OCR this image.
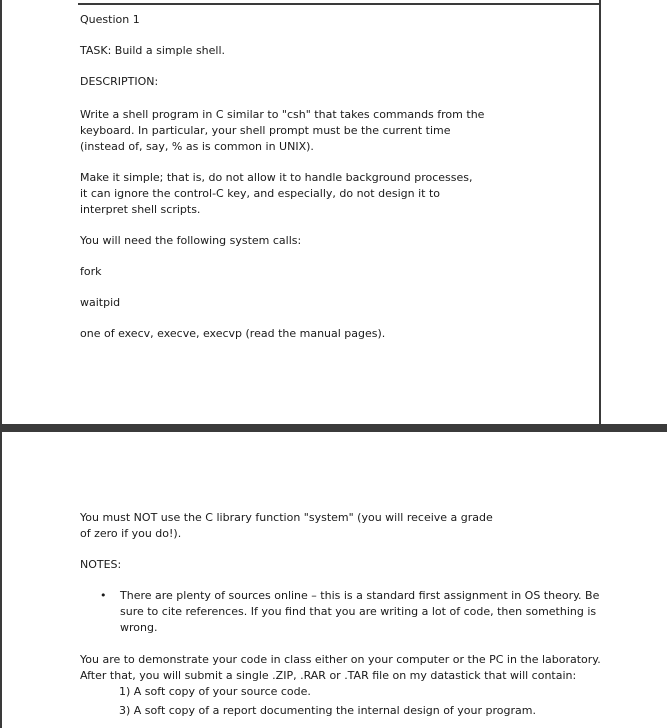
Question 1
TASK: Build a simple shell.
DESCRIPTION:
Write a shell program in C similar to "csh" that takes commands from the
keyboard. In particular, your shell prompt must be the current time
(instead of, say, % as is common in UNIX).
Make it simple; that is, do not allow it to handle background processes,
it can ignore the control-C key, and especially, do not design it to
interpret shell scripts.
You will need the following system calls:
fork
waitpid
one of execv, execve, execvp (read the manual pages).
You must NOT use the C library function "system" (you will receive a grade
of zero if you do!).
NOTES:
• There are plenty of sources online – this is a standard first assignment in OS theory. Be
sure to cite references. If you find that you are writing a lot of code, then something is
wrong.
You are to demonstrate your code in class either on your computer or the PC in the laboratory.
After that, you will submit a single .ZIP, .RAR or .TAR file on my datastick that will contain:
1) A soft copy of your source code.
3) A soft copy of a report documenting the internal design of your program.
